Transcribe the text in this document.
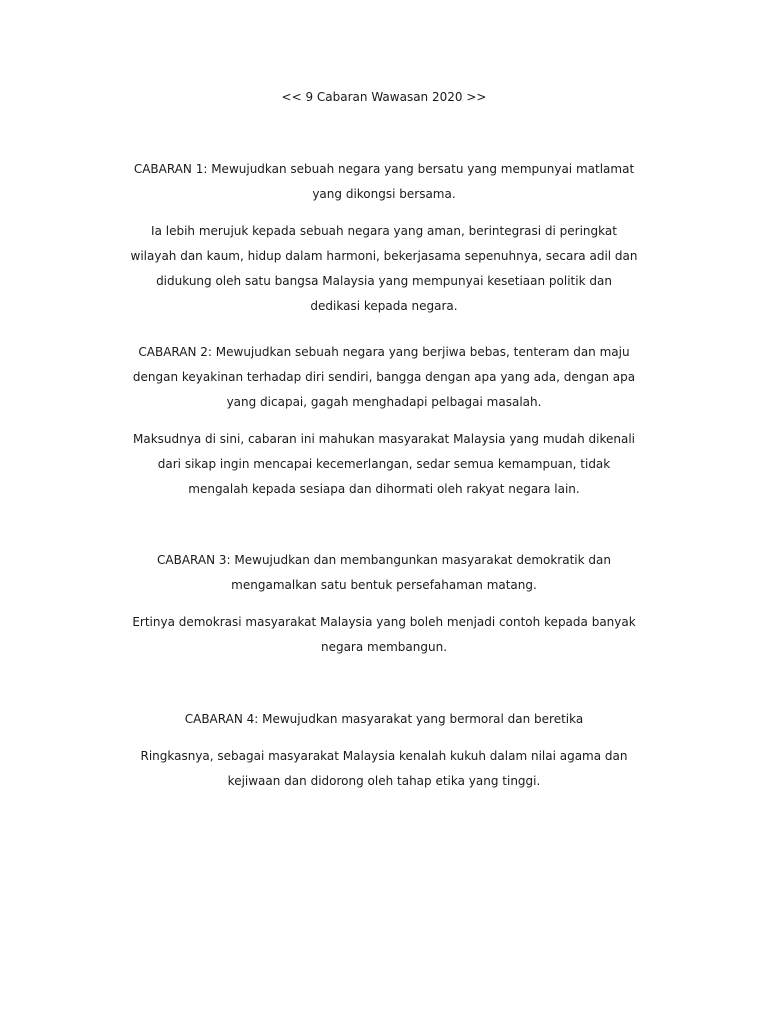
<< 9 Cabaran Wawasan 2020 >>

CABARAN 1: Mewujudkan sebuah negara yang bersatu yang mempunyai matlamat yang dikongsi bersama.

Ia lebih merujuk kepada sebuah negara yang aman, berintegrasi di peringkat wilayah dan kaum, hidup dalam harmoni, bekerjasama sepenuhnya, secara adil dan didukung oleh satu bangsa Malaysia yang mempunyai kesetiaan politik dan dedikasi kepada negara.

CABARAN 2: Mewujudkan sebuah negara yang berjiwa bebas, tenteram dan maju dengan keyakinan terhadap diri sendiri, bangga dengan apa yang ada, dengan apa yang dicapai, gagah menghadapi pelbagai masalah.

Maksudnya di sini, cabaran ini mahukan masyarakat Malaysia yang mudah dikenali dari sikap ingin mencapai kecemerlangan, sedar semua kemampuan, tidak mengalah kepada sesiapa dan dihormati oleh rakyat negara lain.

CABARAN 3: Mewujudkan dan membangunkan masyarakat demokratik dan mengamalkan satu bentuk persefahaman matang.

Ertinya demokrasi masyarakat Malaysia yang boleh menjadi contoh kepada banyak negara membangun.

CABARAN 4: Mewujudkan masyarakat yang bermoral dan beretika

Ringkasnya, sebagai masyarakat Malaysia kenalah kukuh dalam nilai agama dan kejiwaan dan didorong oleh tahap etika yang tinggi.
